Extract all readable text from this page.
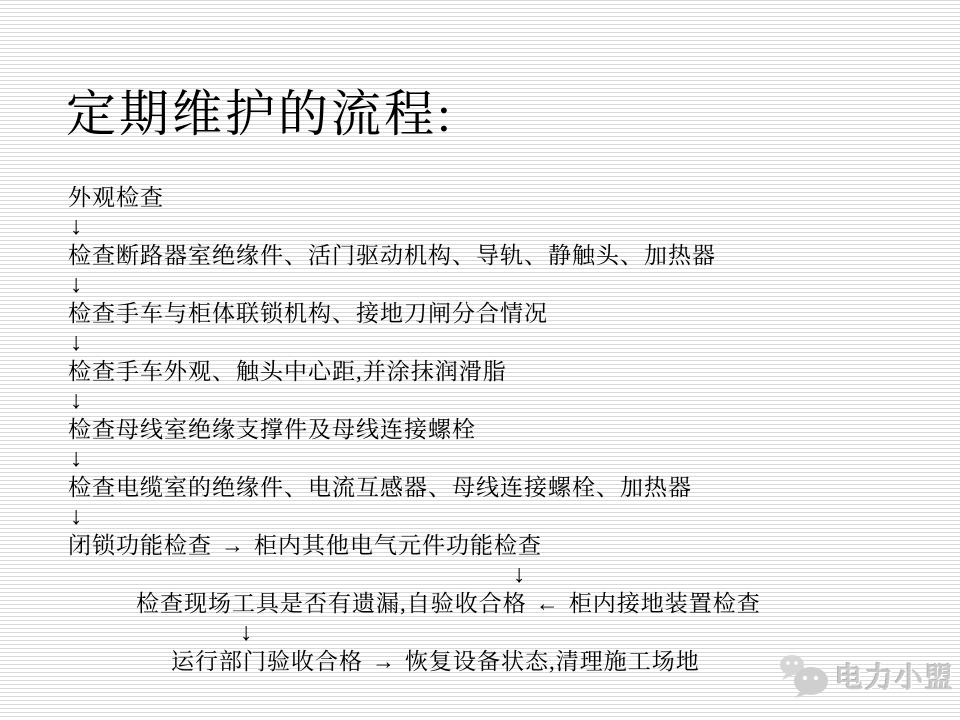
定期维护的流程:
外观检查
↓
检查断路器室绝缘件、活门驱动机构、导轨、静触头、加热器
↓
检查手车与柜体联锁机构、接地刀闸分合情况
↓
检查手车外观、触头中心距,并涂抹润滑脂
↓
检查母线室绝缘支撑件及母线连接螺栓
↓
检查电缆室的绝缘件、电流互感器、母线连接螺栓、加热器
↓
闭锁功能检查 → 柜内其他电气元件功能检查
↓
检查现场工具是否有遗漏,自验收合格 ← 柜内接地装置检查
↓
运行部门验收合格 → 恢复设备状态,清理施工场地
电力小盟
